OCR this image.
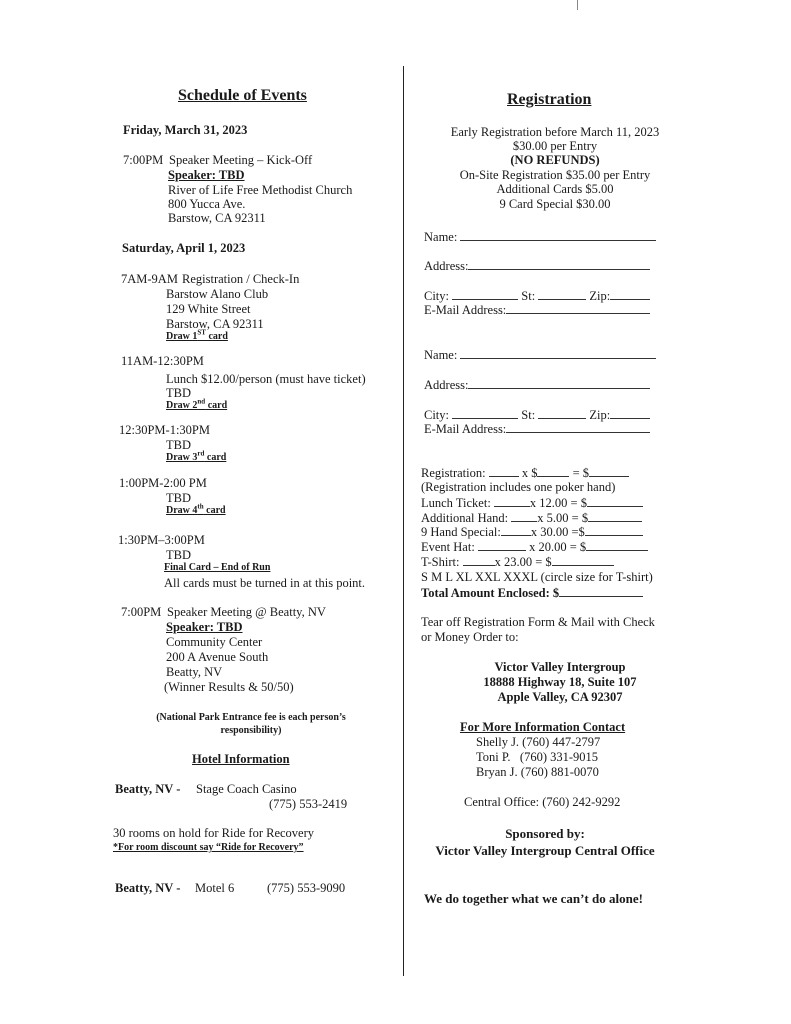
Schedule of Events
Friday, March 31, 2023
7:00PM Speaker Meeting – Kick-Off
Speaker: TBD
River of Life Free Methodist Church
800 Yucca Ave.
Barstow, CA 92311
Saturday, April 1, 2023
7AM-9AM Registration / Check-In
Barstow Alano Club
129 White Street
Barstow, CA 92311
Draw 1ST card
11AM-12:30PM
Lunch $12.00/person (must have ticket)
TBD
Draw 2nd card
12:30PM-1:30PM
TBD
Draw 3rd card
1:00PM-2:00 PM
TBD
Draw 4th card
1:30PM–3:00PM
TBD
Final Card – End of Run
All cards must be turned in at this point.
7:00PM Speaker Meeting @ Beatty, NV
Speaker: TBD
Community Center
200 A Avenue South
Beatty, NV
(Winner Results & 50/50)
(National Park Entrance fee is each person’s
responsibility)
Hotel Information
Beatty, NV - Stage Coach Casino
(775) 553-2419
30 rooms on hold for Ride for Recovery
*For room discount say “Ride for Recovery”
Beatty, NV - Motel 6	(775) 553-9090
Registration
Early Registration before March 11, 2023
$30.00 per Entry
(NO REFUNDS)
On-Site Registration $35.00 per Entry
Additional Cards $5.00
9 Card Special $30.00
Name:
Address:
City:	St:	Zip:
E-Mail Address:
Name:
Address:
City:	St:	Zip:
E-Mail Address:
Registration:	x $	= $
(Registration includes one poker hand)
Lunch Ticket:	x 12.00 = $
Additional Hand: x 5.00 = $
9 Hand Special: x 30.00 =$
Event Hat:	x 20.00 = $
T-Shirt:	x 23.00 = $
S M L XL XXL XXXL (circle size for T-shirt)
Total Amount Enclosed: $
Tear off Registration Form & Mail with Check
or Money Order to:
Victor Valley Intergroup
18888 Highway 18, Suite 107
Apple Valley, CA 92307
For More Information Contact
Shelly J. (760) 447-2797
Toni P.   (760) 331-9015
Bryan J. (760) 881-0070
Central Office: (760) 242-9292
Sponsored by:
Victor Valley Intergroup Central Office
We do together what we can’t do alone!
